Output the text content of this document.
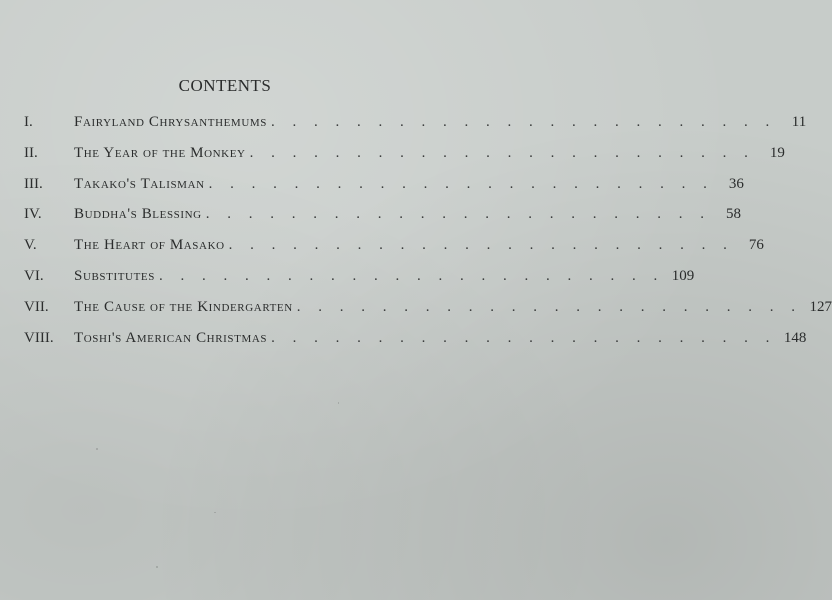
CONTENTS
I.	Fairyland Chrysanthemums . . . . . . . . . . . . . . . . . . . . . . . .	11
II.	The Year of the Monkey . . . . . . . . . . . . . . . . . . . . . . . .	19
III.	Takako's Talisman . . . . . . . . . . . . . . . . . . . . . . . .	36
IV.	Buddha's Blessing . . . . . . . . . . . . . . . . . . . . . . . .	58
V.	The Heart of Masako . . . . . . . . . . . . . . . . . . . . . . . .	76
VI.	Substitutes . . . . . . . . . . . . . . . . . . . . . . . . 109
VII.	The Cause of the Kindergarten . . . . . . . . . . . . . . . . . . . . . . . . 127
VIII.	Toshi's American Christmas . . . . . . . . . . . . . . . . . . . . . . . . 148
